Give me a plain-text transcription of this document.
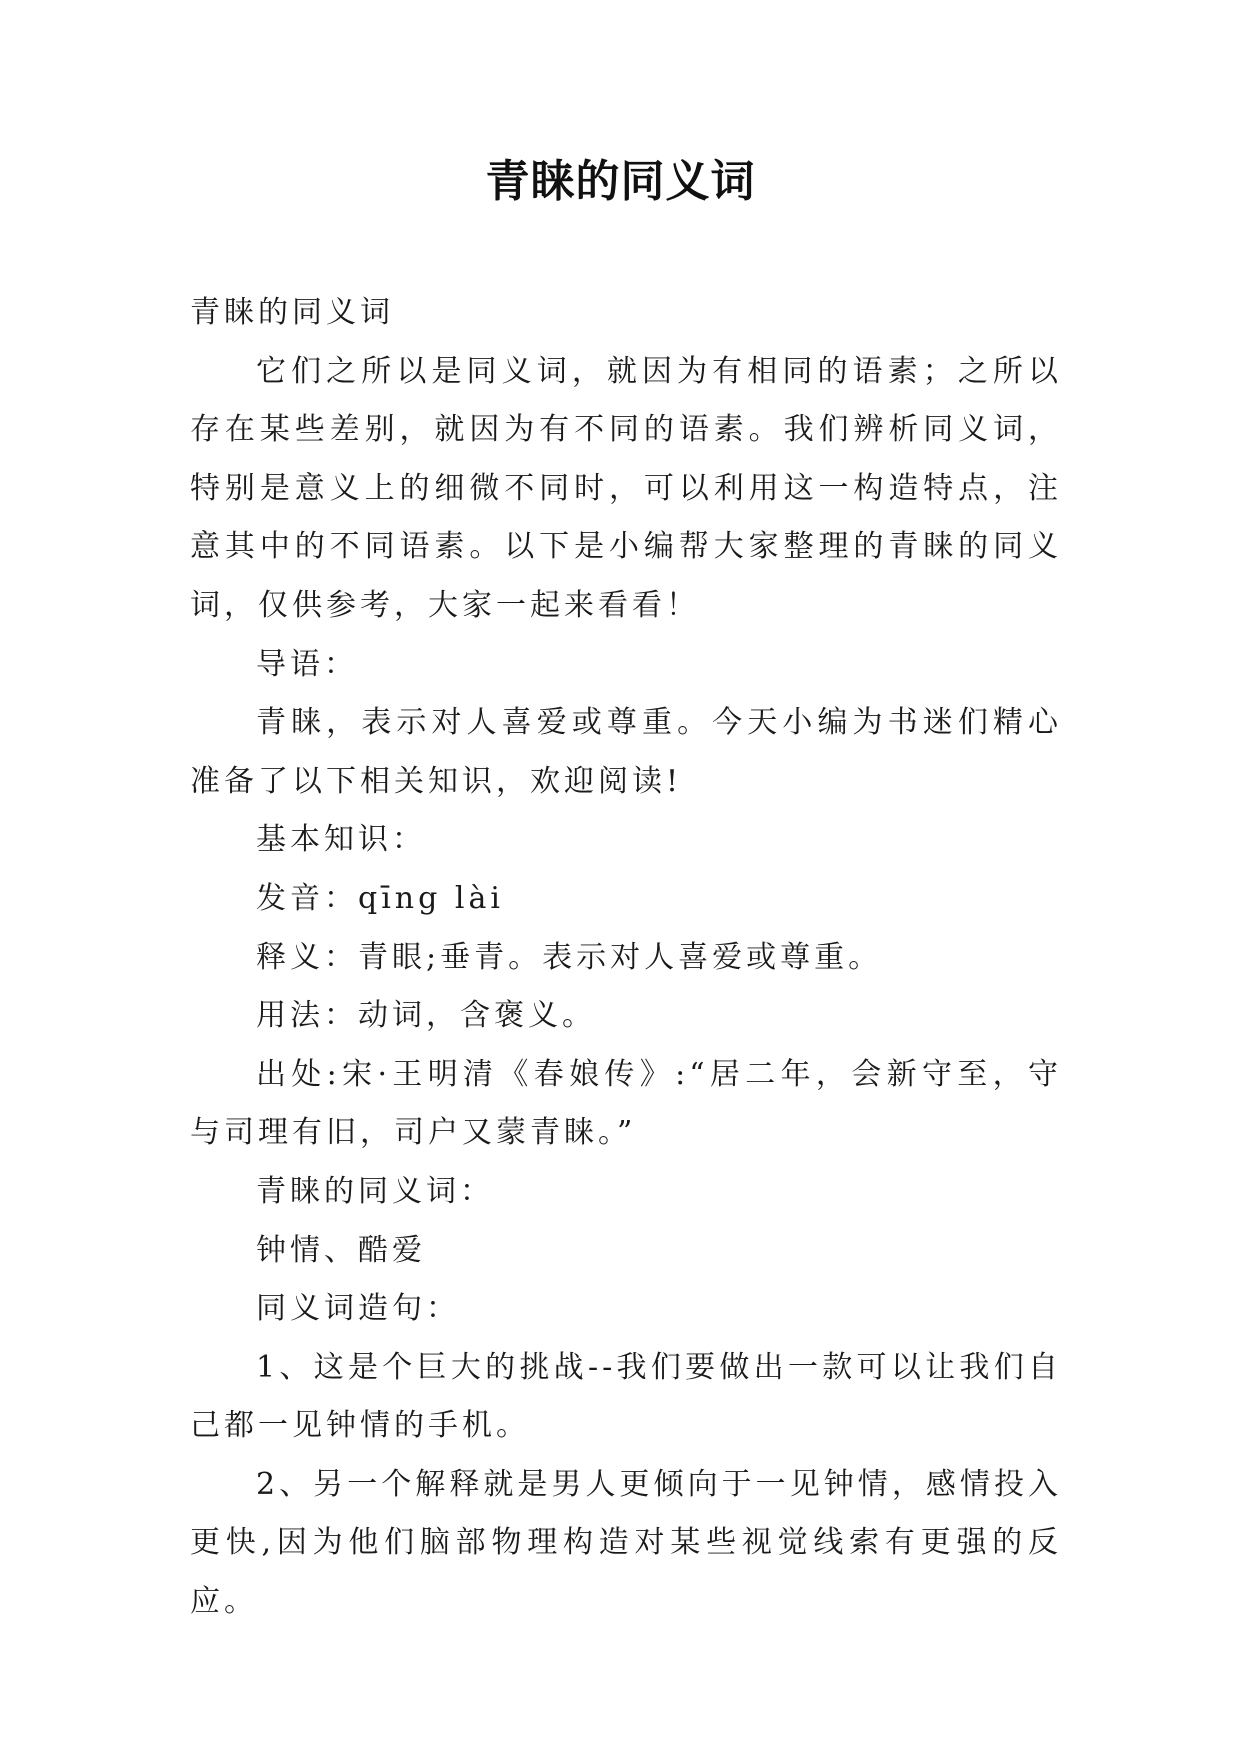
青睐的同义词

青睐的同义词

它们之所以是同义词，就因为有相同的语素；之所以存在某些差别，就因为有不同的语素。我们辨析同义词，特别是意义上的细微不同时，可以利用这一构造特点，注意其中的不同语素。以下是小编帮大家整理的青睐的同义词，仅供参考，大家一起来看看！

导语：

青睐，表示对人喜爱或尊重。今天小编为书迷们精心准备了以下相关知识，欢迎阅读!

基本知识：

发音：qīng lài

释义：青眼;垂青。表示对人喜爱或尊重。

用法：动词，含褒义。

出处:宋·王明清《春娘传》:“居二年，会新守至，守与司理有旧，司户又蒙青睐。”

青睐的同义词：

钟情、酷爱

同义词造句：

1、这是个巨大的挑战--我们要做出一款可以让我们自己都一见钟情的手机。

2、另一个解释就是男人更倾向于一见钟情，感情投入更快,因为他们脑部物理构造对某些视觉线索有更强的反应。
